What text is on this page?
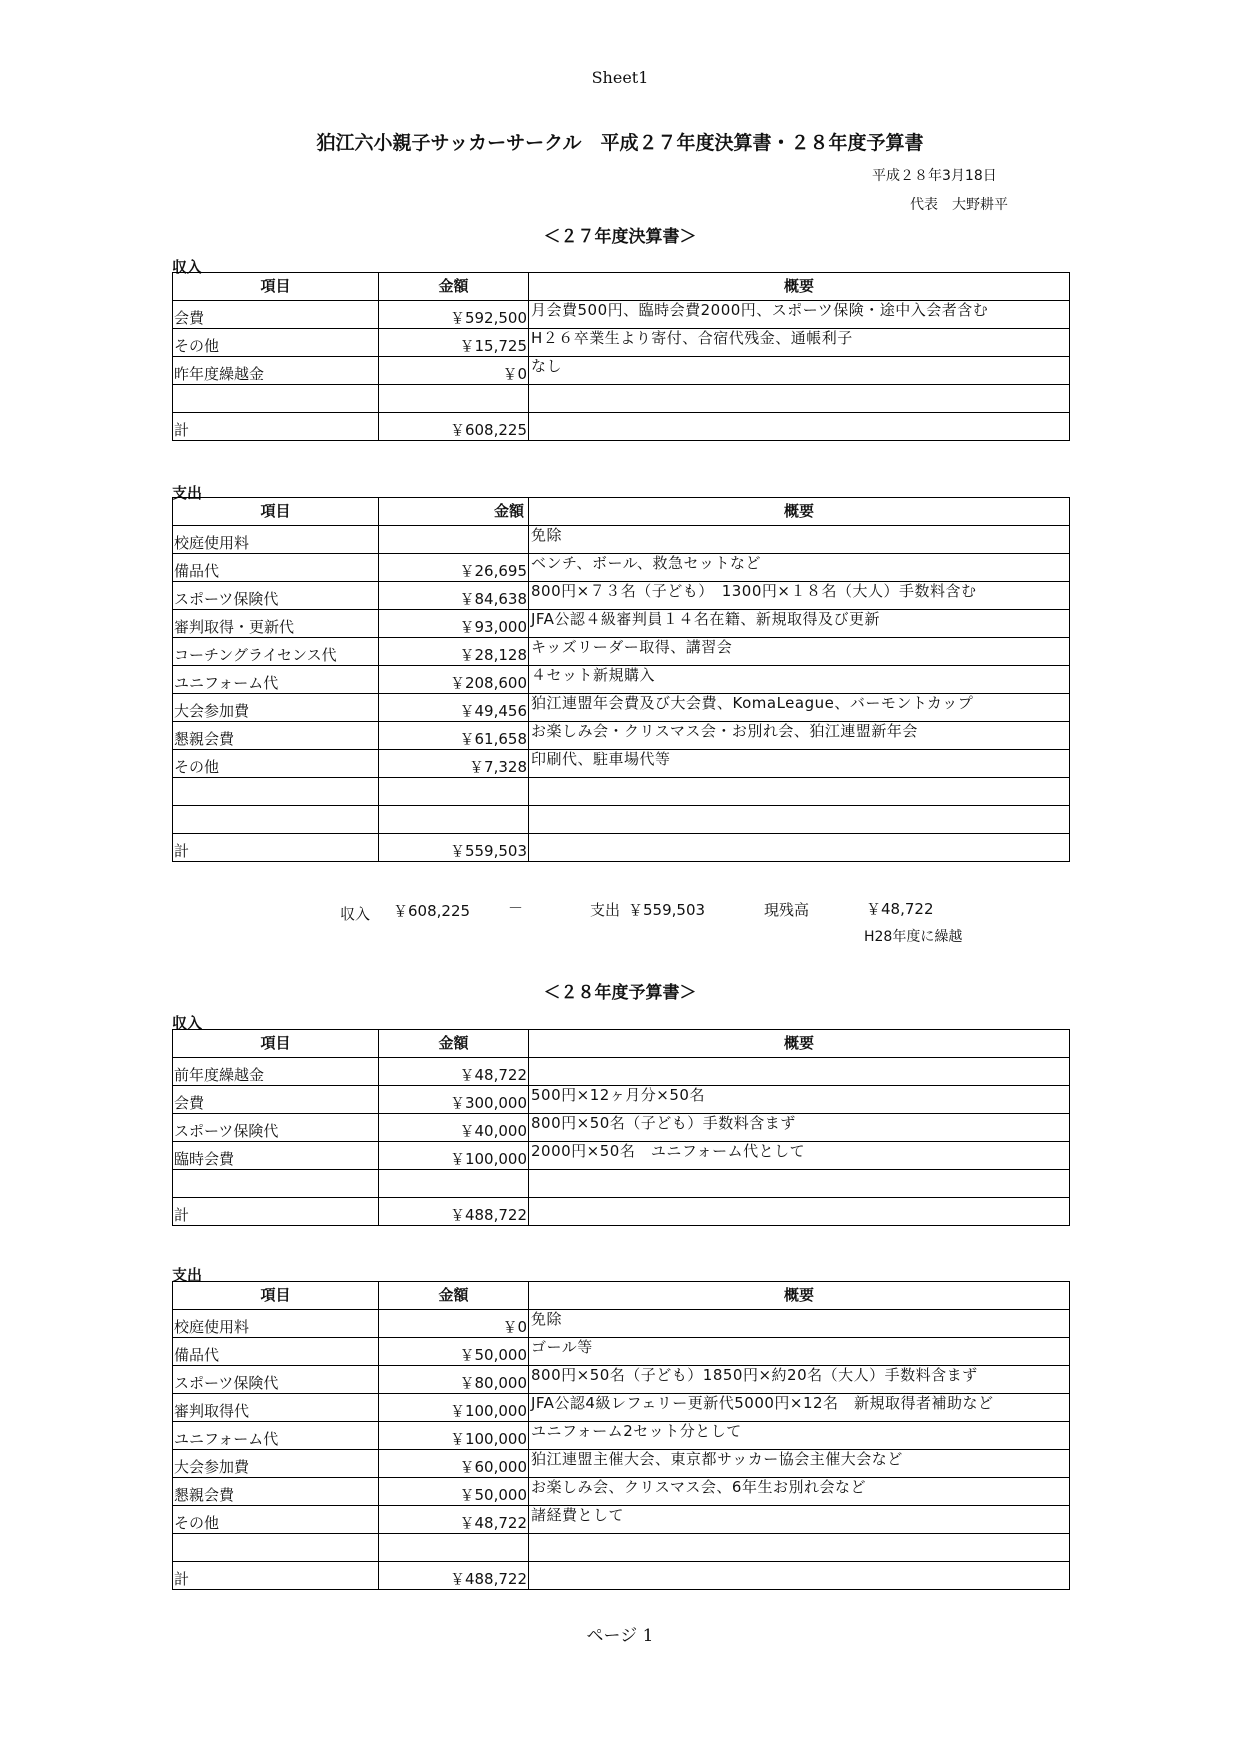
Sheet1
狛江六小親子サッカーサークル　平成２７年度決算書・２８年度予算書
平成２８年3月18日
代表　大野耕平
＜２７年度決算書＞
収入
項目	金額	概要
会費	￥592,500	月会費500円、臨時会費2000円、スポーツ保険・途中入会者含む
その他	￥15,725	H２６卒業生より寄付、合宿代残金、通帳利子
昨年度繰越金	￥0	なし

計	￥608,225	
支出
項目	金額	概要
校庭使用料		免除
備品代	￥26,695	ベンチ、ボール、救急セットなど
スポーツ保険代	￥84,638	800円×７３名（子ども）　1300円×１８名（大人）手数料含む
審判取得・更新代	￥93,000	JFA公認４級審判員１４名在籍、新規取得及び更新
コーチングライセンス代	￥28,128	キッズリーダー取得、講習会
ユニフォーム代	￥208,600	４セット新規購入
大会参加費	￥49,456	狛江連盟年会費及び大会費、KomaLeague、バーモントカップ
懇親会費	￥61,658	お楽しみ会・クリスマス会・お別れ会、狛江連盟新年会
その他	￥7,328	印刷代、駐車場代等

計	￥559,503	
収入 ￥608,225	－	支出 ￥559,503	現残高	￥48,722
H28年度に繰越
＜２８年度予算書＞
収入
項目	金額	概要
前年度繰越金	￥48,722	
会費	￥300,000	500円×12ヶ月分×50名
スポーツ保険代	￥40,000	800円×50名（子ども）手数料含まず
臨時会費	￥100,000	2000円×50名　ユニフォーム代として

計	￥488,722	
支出
項目	金額	概要
校庭使用料	￥0	免除
備品代	￥50,000	ゴール等
スポーツ保険代	￥80,000	800円×50名（子ども）1850円×約20名（大人）手数料含まず
審判取得代	￥100,000	JFA公認4級レフェリー更新代5000円×12名　新規取得者補助など
ユニフォーム代	￥100,000	ユニフォーム2セット分として
大会参加費	￥60,000	狛江連盟主催大会、東京都サッカー協会主催大会など
懇親会費	￥50,000	お楽しみ会、クリスマス会、6年生お別れ会など
その他	￥48,722	諸経費として

計	￥488,722	
ページ 1
